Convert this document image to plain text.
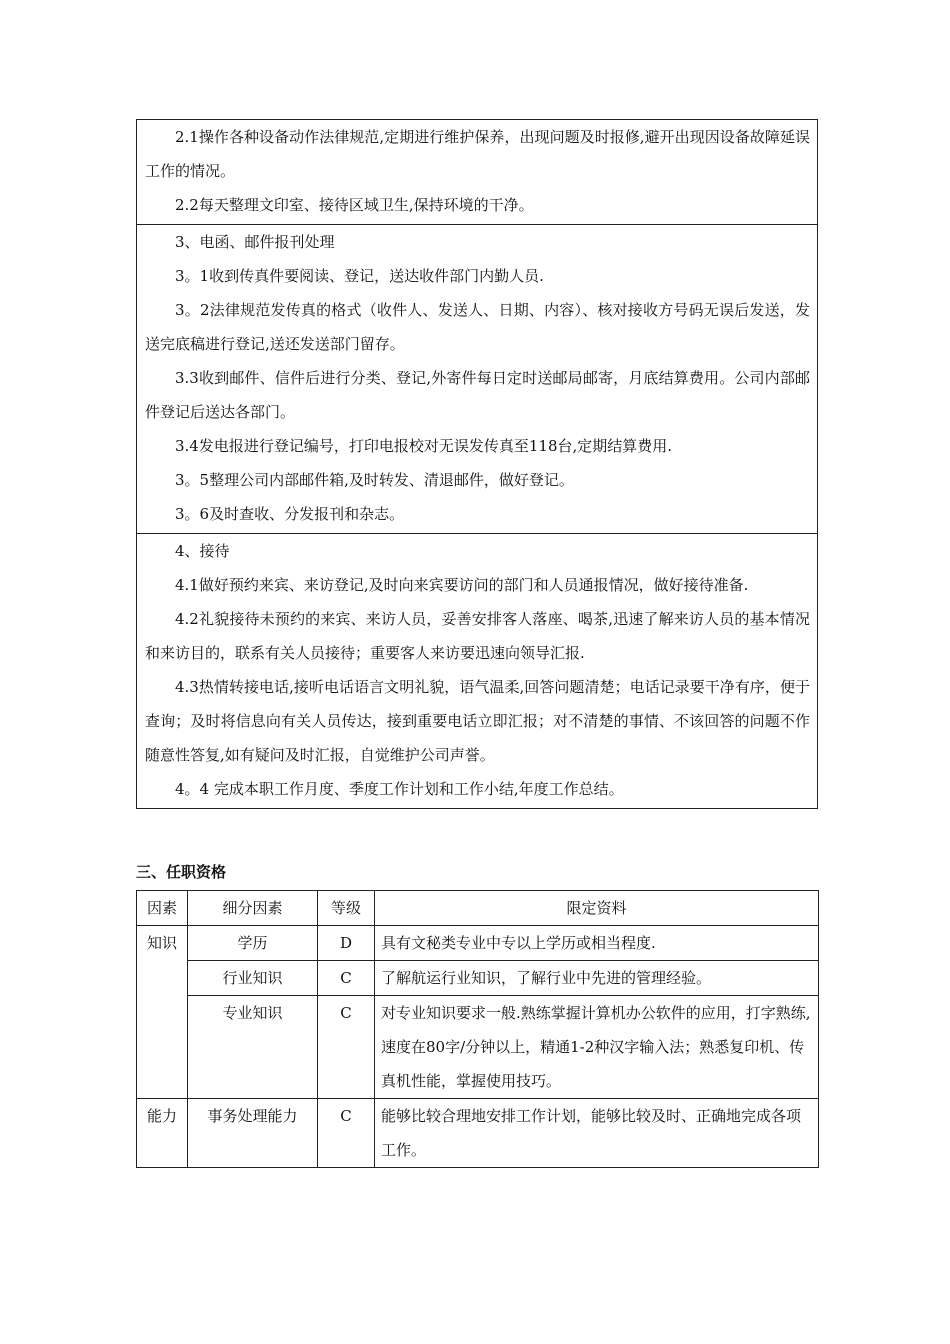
2.1操作各种设备动作法律规范,定期进行维护保养，出现问题及时报修,避开出现因设备故障延误工作的情况。

2.2每天整理文印室、接待区域卫生,保持环境的干净。

3、电函、邮件报刊处理

3。1收到传真件要阅读、登记，送达收件部门内勤人员.

3。2法律规范发传真的格式（收件人、发送人、日期、内容）、核对接收方号码无误后发送，发送完底稿进行登记,送还发送部门留存。

3.3收到邮件、信件后进行分类、登记,外寄件每日定时送邮局邮寄，月底结算费用。公司内部邮件登记后送达各部门。

3.4发电报进行登记编号，打印电报校对无误发传真至118台,定期结算费用.

3。5整理公司内部邮件箱,及时转发、清退邮件，做好登记。

3。6及时查收、分发报刊和杂志。

4、接待

4.1做好预约来宾、来访登记,及时向来宾要访问的部门和人员通报情况，做好接待准备.

4.2礼貌接待未预约的来宾、来访人员，妥善安排客人落座、喝茶,迅速了解来访人员的基本情况和来访目的，联系有关人员接待；重要客人来访要迅速向领导汇报.

4.3热情转接电话,接听电话语言文明礼貌，语气温柔,回答问题清楚；电话记录要干净有序，便于查询；及时将信息向有关人员传达，接到重要电话立即汇报；对不清楚的事情、不该回答的问题不作随意性答复,如有疑问及时汇报，自觉维护公司声誉。

4。4 完成本职工作月度、季度工作计划和工作小结,年度工作总结。

三、任职资格
因素	细分因素	等级	限定资料
知识	学历	D	具有文秘类专业中专以上学历或相当程度.
	行业知识	C	了解航运行业知识，了解行业中先进的管理经验。
	专业知识	C	对专业知识要求一般.熟练掌握计算机办公软件的应用，打字熟练,速度在80字/分钟以上，精通1-2种汉字输入法；熟悉复印机、传真机性能，掌握使用技巧。
能力	事务处理能力	C	能够比较合理地安排工作计划，能够比较及时、正确地完成各项工作。
